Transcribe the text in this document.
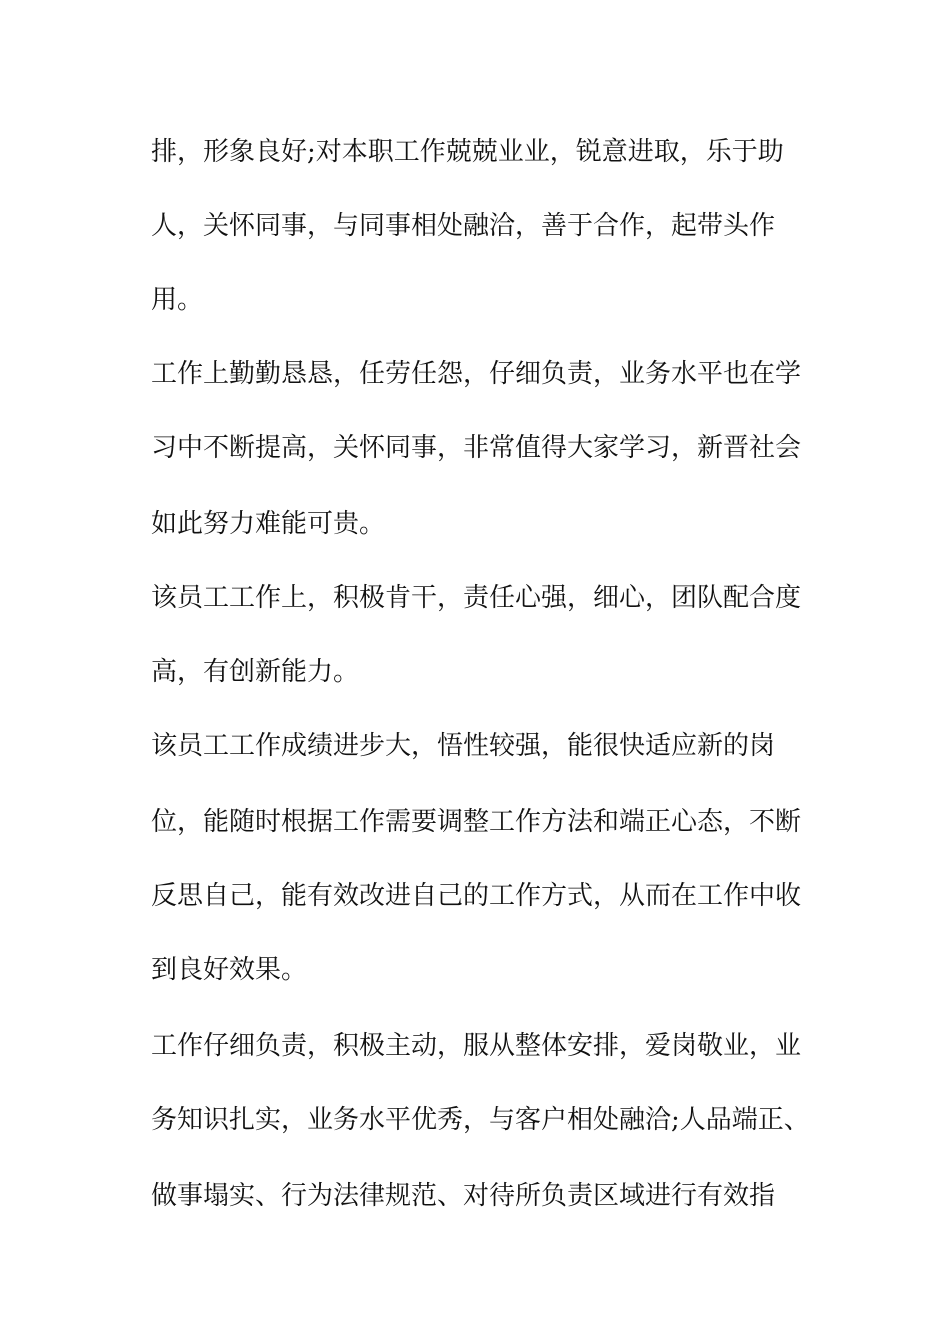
排，形象良好;对本职工作兢兢业业，锐意进取，乐于助

人，关怀同事，与同事相处融洽，善于合作，起带头作

用。

工作上勤勤恳恳，任劳任怨，仔细负责，业务水平也在学

习中不断提高，关怀同事，非常值得大家学习，新晋社会

如此努力难能可贵。

该员工工作上，积极肯干，责任心强，细心，团队配合度

高，有创新能力。

该员工工作成绩进步大，悟性较强，能很快适应新的岗

位，能随时根据工作需要调整工作方法和端正心态，不断

反思自己，能有效改进自己的工作方式，从而在工作中收

到良好效果。

工作仔细负责，积极主动，服从整体安排，爱岗敬业，业

务知识扎实，业务水平优秀，与客户相处融洽;人品端正、

做事塌实、行为法律规范、对待所负责区域进行有效指
